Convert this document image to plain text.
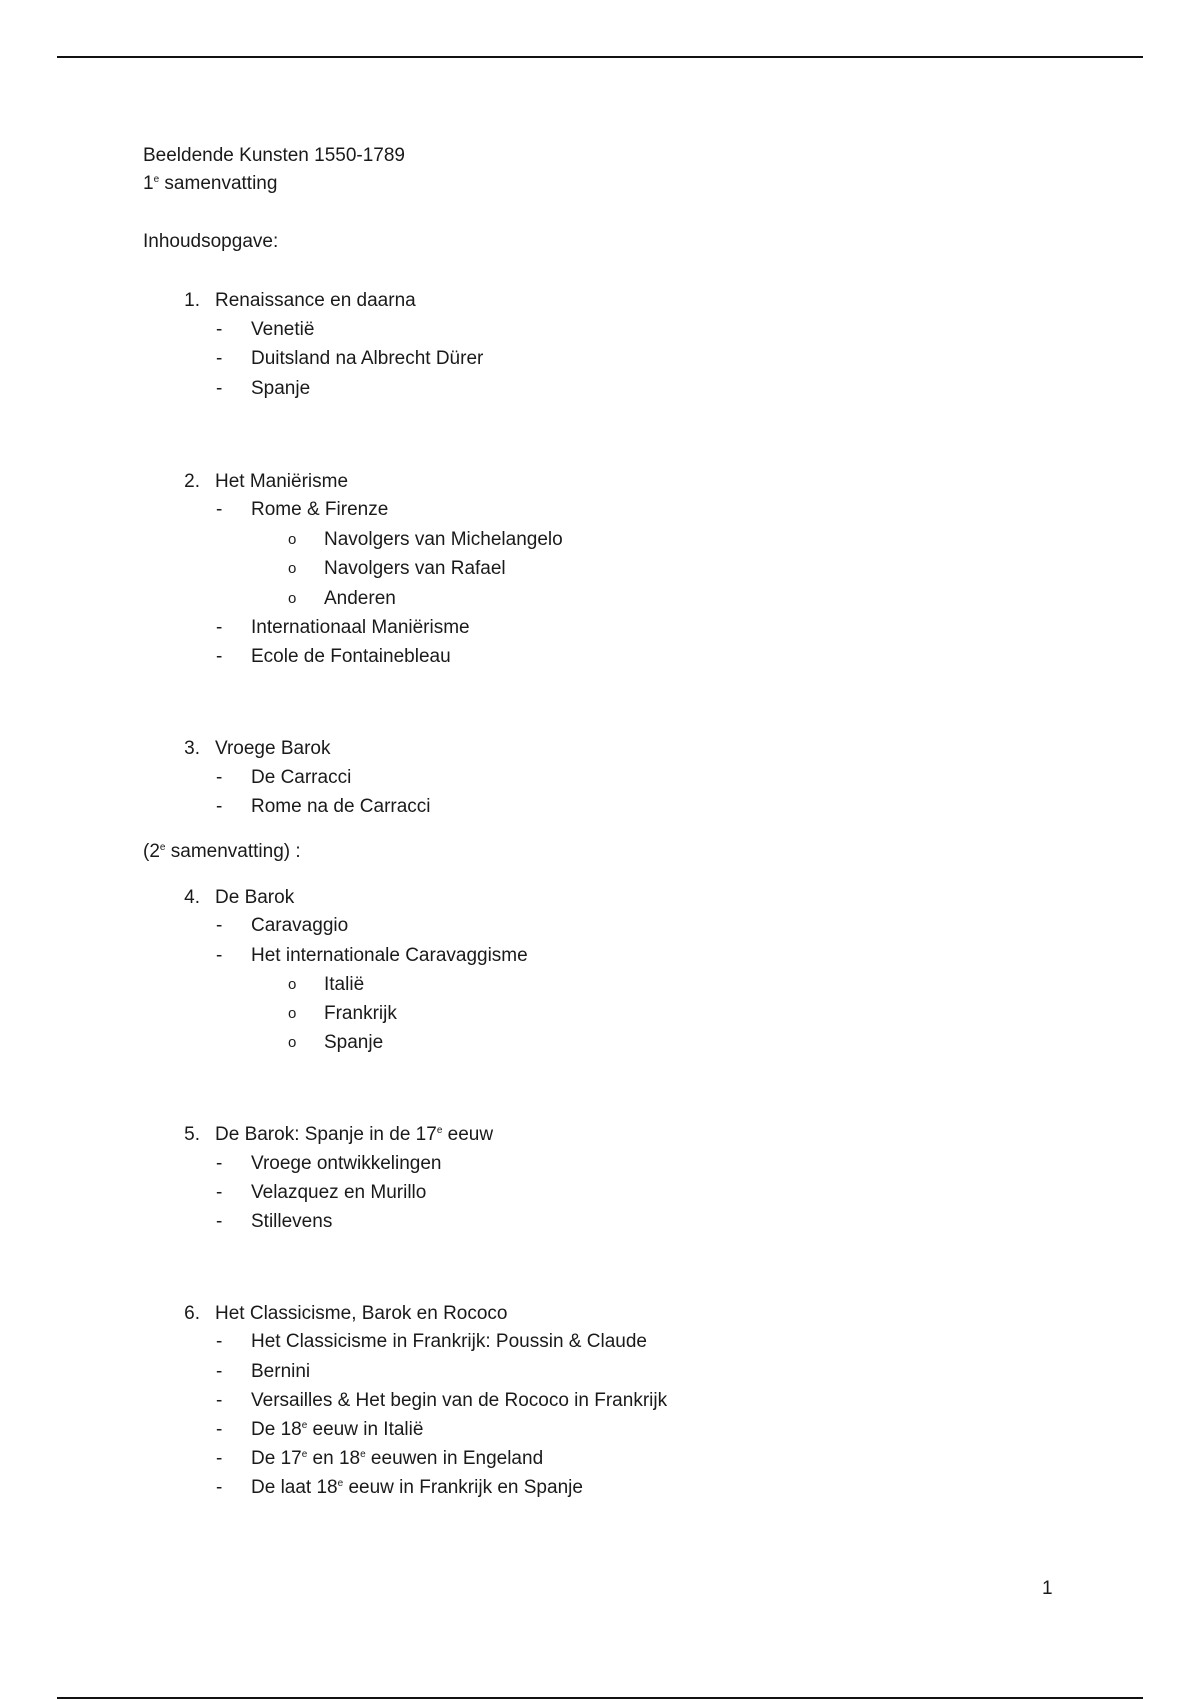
Beeldende Kunsten 1550-1789
1e samenvatting
Inhoudsopgave:
1. Renaissance en daarna
- Venetië
- Duitsland na Albrecht Dürer
- Spanje
2. Het Maniërisme
- Rome & Firenze
o Navolgers van Michelangelo
o Navolgers van Rafael
o Anderen
- Internationaal Maniërisme
- Ecole de Fontainebleau
3. Vroege Barok
- De Carracci
- Rome na de Carracci
(2e samenvatting) :
4. De Barok
- Caravaggio
- Het internationale Caravaggisme
o Italië
o Frankrijk
o Spanje
5. De Barok: Spanje in de 17e eeuw
- Vroege ontwikkelingen
- Velazquez en Murillo
- Stillevens
6. Het Classicisme, Barok en Rococo
- Het Classicisme in Frankrijk: Poussin & Claude
- Bernini
- Versailles & Het begin van de Rococo in Frankrijk
- De 18e eeuw in Italië
- De 17e en 18e eeuwen in Engeland
- De laat 18e eeuw in Frankrijk en Spanje
1
